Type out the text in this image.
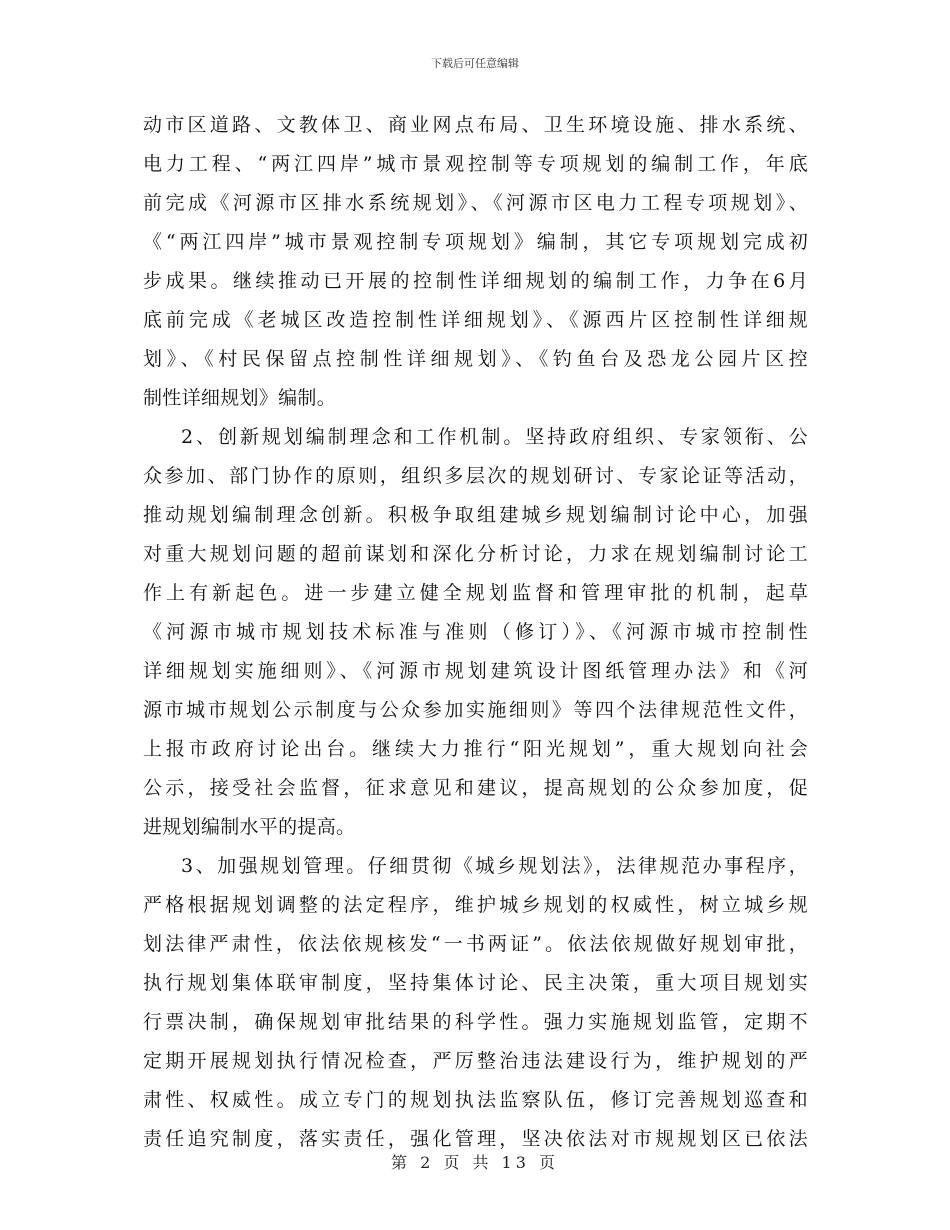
下载后可任意编辑
动市区道路、文教体卫、商业网点布局、卫生环境设施、排水系统、
电力工程、“两江四岸”城市景观控制等专项规划的编制工作，年底
前完成《河源市区排水系统规划》、《河源市区电力工程专项规划》、
《“两江四岸”城市景观控制专项规划》编制，其它专项规划完成初
步成果。继续推动已开展的控制性详细规划的编制工作，力争在6月
底前完成《老城区改造控制性详细规划》、《源西片区控制性详细规
划》、《村民保留点控制性详细规划》、《钓鱼台及恐龙公园片区控
制性详细规划》编制。
2、创新规划编制理念和工作机制。坚持政府组织、专家领衔、公
众参加、部门协作的原则，组织多层次的规划研讨、专家论证等活动，
推动规划编制理念创新。积极争取组建城乡规划编制讨论中心，加强
对重大规划问题的超前谋划和深化分析讨论，力求在规划编制讨论工
作上有新起色。进一步建立健全规划监督和管理审批的机制，起草
《河源市城市规划技术标准与准则（修订）》、《河源市城市控制性
详细规划实施细则》、《河源市规划建筑设计图纸管理办法》和《河
源市城市规划公示制度与公众参加实施细则》等四个法律规范性文件，
上报市政府讨论出台。继续大力推行“阳光规划”，重大规划向社会
公示，接受社会监督，征求意见和建议，提高规划的公众参加度，促
进规划编制水平的提高。
3、加强规划管理。仔细贯彻《城乡规划法》，法律规范办事程序，
严格根据规划调整的法定程序，维护城乡规划的权威性，树立城乡规
划法律严肃性，依法依规核发“一书两证”。依法依规做好规划审批，
执行规划集体联审制度，坚持集体讨论、民主决策，重大项目规划实
行票决制，确保规划审批结果的科学性。强力实施规划监管，定期不
定期开展规划执行情况检查，严厉整治违法建设行为，维护规划的严
肃性、权威性。成立专门的规划执法监察队伍，修订完善规划巡查和
责任追究制度，落实责任，强化管理，坚决依法对市规规划区已依法
第 2 页 共 13 页
